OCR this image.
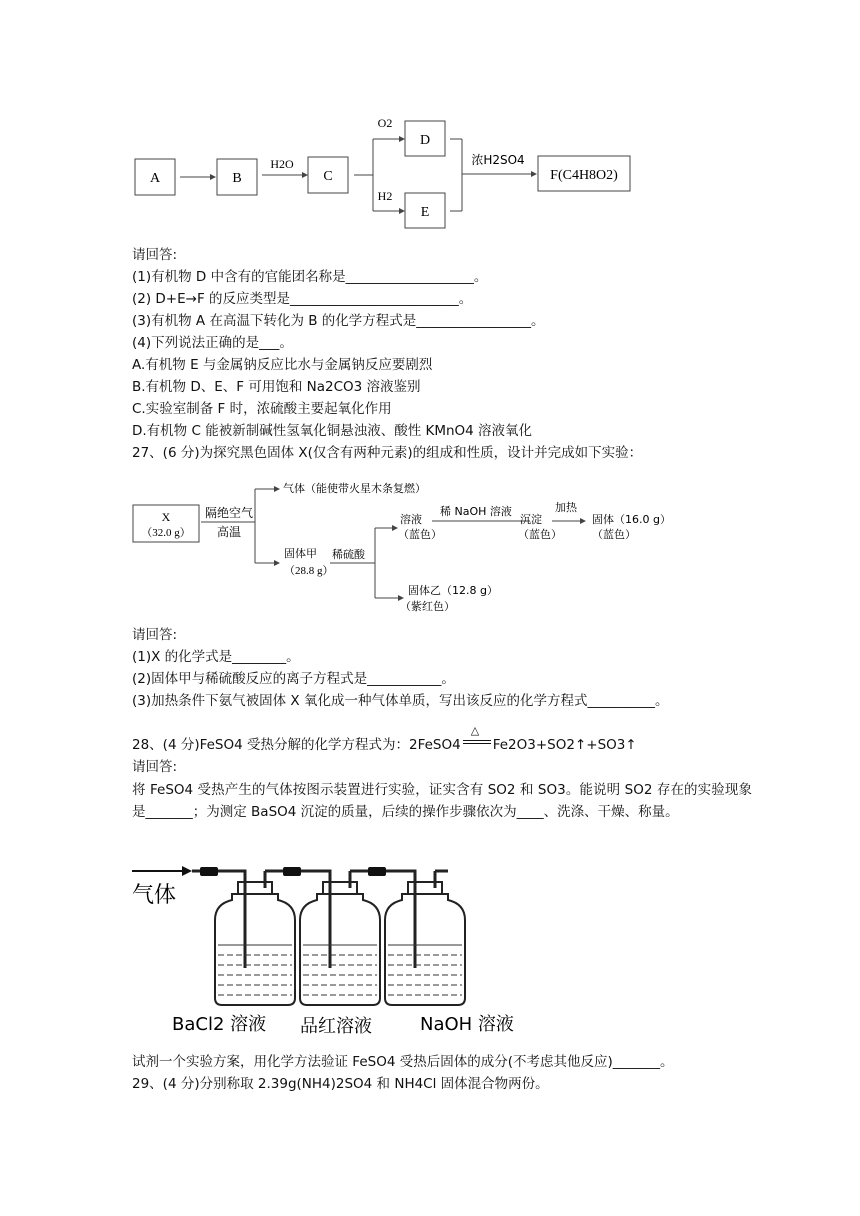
A	B	C
D
E
F(C4H8O2)
H2O
O2
H2
浓H2SO4
请回答:
(1)有机物 D 中含有的官能团名称是___________________。
(2) D+E→F 的反应类型是_________________________。
(3)有机物 A 在高温下转化为 B 的化学方程式是_________________。
(4)下列说法正确的是___。
A.有机物 E 与金属钠反应比水与金属钠反应要剧烈
B.有机物 D、E、F 可用饱和 Na2CO3 溶液鉴别
C.实验室制备 F 时，浓硫酸主要起氧化作用
D.有机物 C 能被新制碱性氢氧化铜悬浊液、酸性 KMnO4 溶液氧化
27、(6 分)为探究黑色固体 X(仅含有两种元素)的组成和性质，设计并完成如下实验：
X
（32.0 g）
隔绝空气
高温
气体（能使带火星木条复燃）
固体甲
（28.8 g）
稀硫酸
溶液
（蓝色）
稀 NaOH 溶液
沉淀
（蓝色）
加热
固体（16.0 g）
（蓝色）
固体乙（12.8 g）
（紫红色）
请回答:
(1)X 的化学式是________。
(2)固体甲与稀硫酸反应的离子方程式是___________。
(3)加热条件下氨气被固体 X 氧化成一种气体单质，写出该反应的化学方程式__________。
28、(4 分)FeSO4 受热分解的化学方程式为：2FeSO4
△
Fe2O3+SO2↑+SO3↑
请回答:
将 FeSO4 受热产生的气体按图示装置进行实验，证实含有 SO2 和 SO3。能说明 SO2 存在的实验现象是_______；为测定 BaSO4 沉淀的质量，后续的操作步骤依次为____、洗涤、干燥、称量。
气体
BaCl2 溶液 品红溶液	NaOH 溶液
试剂一个实验方案，用化学方法验证 FeSO4 受热后固体的成分(不考虑其他反应)_______。
29、(4 分)分别称取 2.39g(NH4)2SO4 和 NH4Cl 固体混合物两份。
